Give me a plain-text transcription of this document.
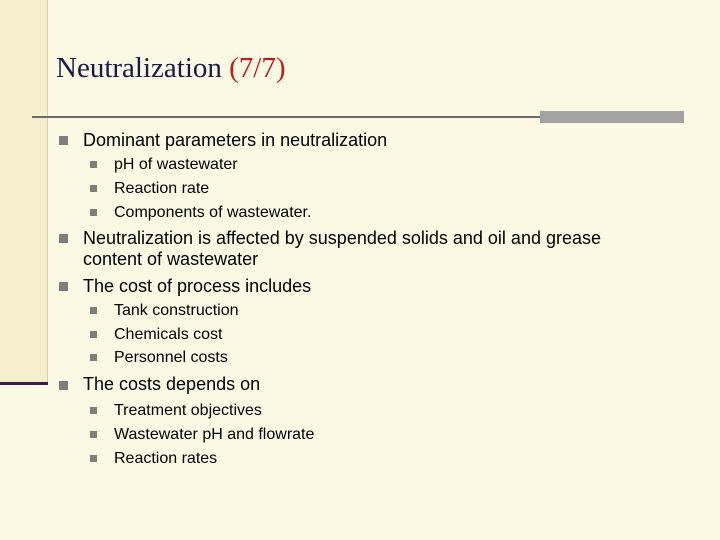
Neutralization (7/7)
Dominant parameters in neutralization
pH of wastewater
Reaction rate
Components of wastewater.
Neutralization is affected by suspended solids and oil and grease
content of wastewater
The cost of process includes
Tank construction
Chemicals cost
Personnel costs
The costs depends on
Treatment objectives
Wastewater pH and flowrate
Reaction rates
